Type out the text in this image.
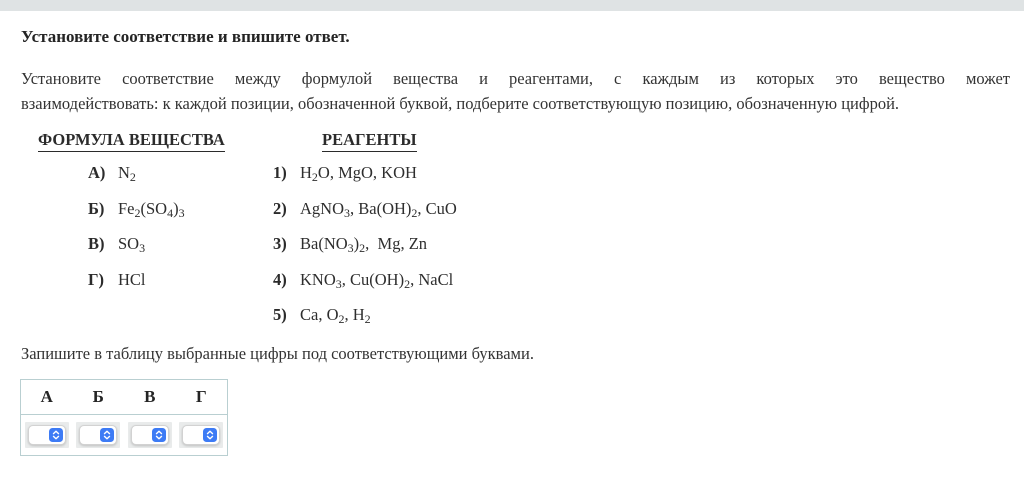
Установите соответствие и впишите ответ.

Установите соответствие между формулой вещества и реагентами, с каждым из которых это вещество может

взаимодействовать: к каждой позиции, обозначенной буквой, подберите соответствующую позицию, обозначенную цифрой.

ФОРМУЛА ВЕЩЕСТВА	РЕАГЕНТЫ
А) $N_2$	1) $H_2O$, MgO, KOH
Б) $Fe_2(SO_4)_3$	2) AgNO$_3$, $Ba(OH)_2$, CuO
В) $SO_3$	3) $Ba(NO_3)_2$,  Mg, Zn
Г) HCl	4) $KNO_3$, $Cu(OH)_2$, NaCl
5) Ca, $O_2$, $H_2$

Запишите в таблицу выбранные цифры под соответствующими буквами.

А	Б	В	Г
